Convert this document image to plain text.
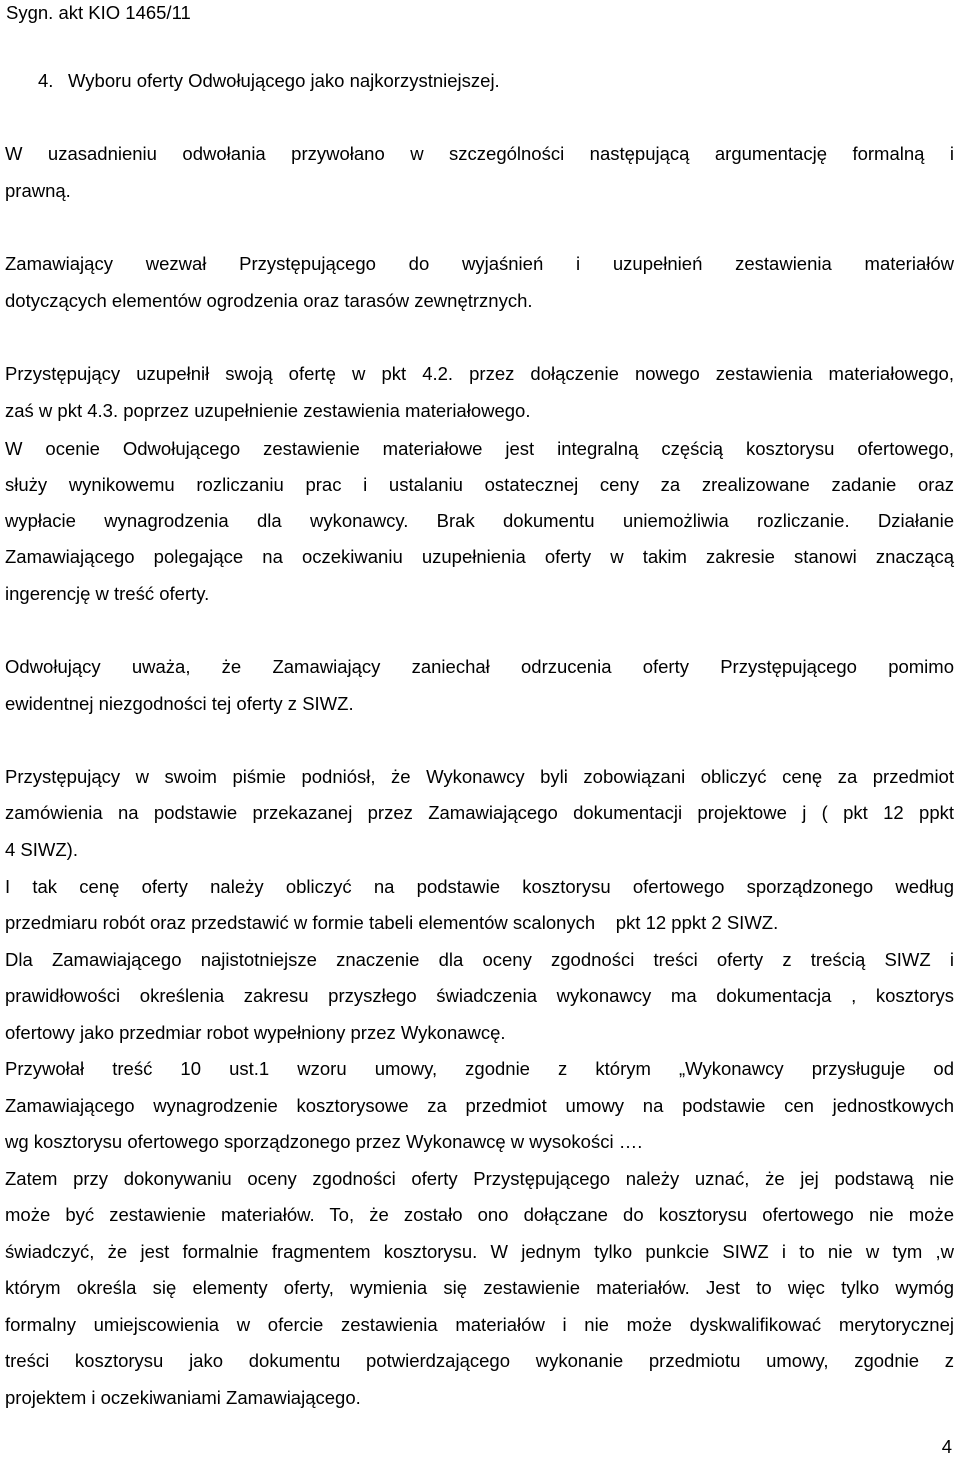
Sygn. akt KIO 1465/11
4. Wyboru oferty Odwołującego jako najkorzystniejszej.
W uzasadnieniu odwołania przywołano w szczególności następującą argumentację formalną i
prawną.
Zamawiający wezwał Przystępującego do wyjaśnień i uzupełnień zestawienia materiałów
dotyczących elementów ogrodzenia oraz tarasów zewnętrznych.
Przystępujący uzupełnił swoją ofertę w pkt 4.2. przez dołączenie nowego zestawienia materiałowego,
zaś w pkt 4.3. poprzez uzupełnienie zestawienia materiałowego.
W ocenie Odwołującego zestawienie materiałowe jest integralną częścią kosztorysu ofertowego,
służy wynikowemu rozliczaniu prac i ustalaniu ostatecznej ceny za zrealizowane zadanie oraz
wypłacie wynagrodzenia dla wykonawcy. Brak dokumentu uniemożliwia rozliczanie. Działanie
Zamawiającego polegające na oczekiwaniu uzupełnienia oferty w takim zakresie stanowi znaczącą
ingerencję w treść oferty.
Odwołujący uważa, że Zamawiający zaniechał odrzucenia oferty Przystępującego pomimo
ewidentnej niezgodności tej oferty z SIWZ.
Przystępujący w swoim piśmie podniósł, że Wykonawcy byli zobowiązani obliczyć cenę za przedmiot
zamówienia na podstawie przekazanej przez Zamawiającego dokumentacji projektowe j ( pkt 12 ppkt
4 SIWZ).
I tak cenę oferty należy obliczyć na podstawie kosztorysu ofertowego sporządzonego według
przedmiaru robót oraz przedstawić w formie tabeli elementów scalonych    pkt 12 ppkt 2 SIWZ.
Dla Zamawiającego najistotniejsze znaczenie dla oceny zgodności treści oferty z treścią SIWZ i
prawidłowości określenia zakresu przyszłego świadczenia wykonawcy ma dokumentacja , kosztorys
ofertowy jako przedmiar robot wypełniony przez Wykonawcę.
Przywołał treść 10 ust.1 wzoru umowy, zgodnie z którym „Wykonawcy przysługuje od
Zamawiającego wynagrodzenie kosztorysowe za przedmiot umowy na podstawie cen jednostkowych
wg kosztorysu ofertowego sporządzonego przez Wykonawcę w wysokości ….
Zatem przy dokonywaniu oceny zgodności oferty Przystępującego należy uznać, że jej podstawą nie
może być zestawienie materiałów. To, że zostało ono dołączane do kosztorysu ofertowego nie może
świadczyć, że jest formalnie fragmentem kosztorysu. W jednym tylko punkcie SIWZ i to nie w tym ,w
którym określa się elementy oferty, wymienia się zestawienie materiałów. Jest to więc tylko wymóg
formalny umiejscowienia w ofercie zestawienia materiałów i nie może dyskwalifikować merytorycznej
treści kosztorysu jako dokumentu potwierdzającego wykonanie przedmiotu umowy, zgodnie z
projektem i oczekiwaniami Zamawiającego.
4
